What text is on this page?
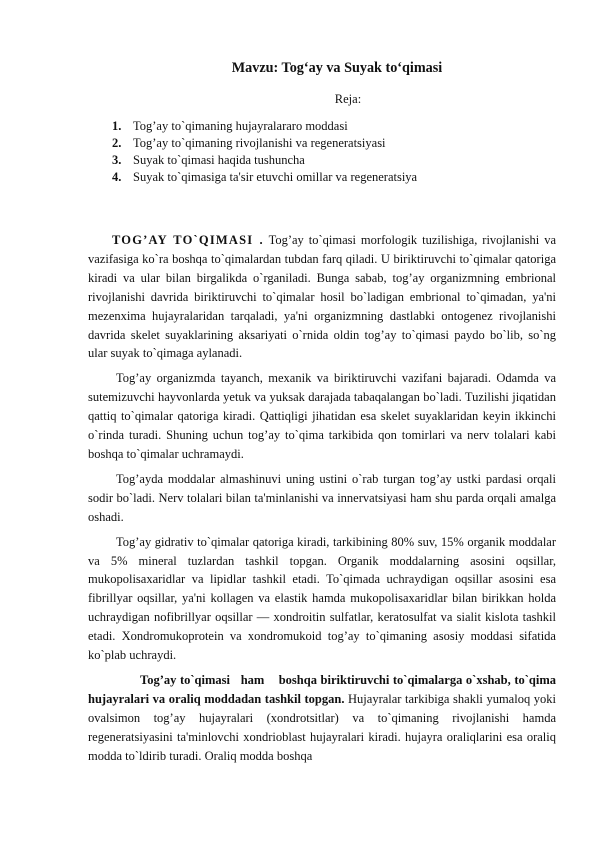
Mavzu: Tog‘ay va Suyak to‘qimasi
Reja:
1. Tog’ay to`qimaning hujayralararo moddasi
2. Tog’ay to`qimaning rivojlanishi va regeneratsiyasi
3. Suyak to`qimasi haqida tushuncha
4. Suyak to`qimasiga ta'sir etuvchi omillar va regeneratsiya

TOG’AY TO`QIMASI . Tog’ay to`qimasi morfologik tuzilishiga, rivojlanishi va vazifasiga ko`ra boshqa to`qimalardan tubdan farq qiladi. U biriktiruvchi to`qimalar qatoriga kiradi va ular bilan birgalikda o`rganiladi. Bunga sabab, tog’ay organizmning embrional rivojlanishi davrida biriktiruvchi to`qimalar hosil bo`ladigan embrional to`qimadan, ya'ni mezenxima hujayralaridan tarqaladi, ya'ni organizmning dastlabki ontogenez rivojlanishi davrida skelet suyaklarining aksariyati o`rnida oldin tog’ay to`qimasi paydo bo`lib, so`ng ular suyak to`qimaga aylanadi.

Tog’ay organizmda tayanch, mexanik va biriktiruvchi vazifani bajaradi. Odamda va sutemizuvchi hayvonlarda yetuk va yuksak darajada tabaqalangan bo`ladi. Tuzilishi jiqatidan qattiq to`qimalar qatoriga kiradi. Qattiqligi jihatidan esa skelet suyaklaridan keyin ikkinchi o`rinda turadi. Shuning uchun tog’ay to`qima tarkibida qon tomirlari va nerv tolalari kabi boshqa to`qimalar uchramaydi.

Tog’ayda moddalar almashinuvi uning ustini o`rab turgan tog’ay ustki pardasi orqali sodir bo`ladi. Nerv tolalari bilan ta'minlanishi va innervatsiyasi ham shu parda orqali amalga oshadi.

Tog’ay gidrativ to`qimalar qatoriga kiradi, tarkibining 80% suv, 15% organik moddalar va 5% mineral tuzlardan tashkil topgan. Organik moddalarning asosini oqsillar, mukopolisaxaridlar va lipidlar tashkil etadi. To`qimada uchraydigan oqsillar asosini esa fibrillyar oqsillar, ya'ni kollagen va elastik hamda mukopolisaxaridlar bilan birikkan holda uchraydigan nofibrillyar oqsillar — xondroitin sulfatlar, keratosulfat va sialit kislota tashkil etadi. Xondromukoprotein va xondromukoid tog’ay to`qimaning asosiy moddasi sifatida ko`plab uchraydi.

Tog’ay to`qimasi   ham    boshqa biriktiruvchi to`qimalarga o`xshab, to`qima hujayralari va oraliq moddadan tashkil topgan. Hujayralar tarkibiga shakli yumaloq yoki ovalsimon tog’ay hujayralari (xondrotsitlar) va to`qimaning rivojlanishi hamda regeneratsiyasini ta'minlovchi xondrioblast hujayralari kiradi. hujayra oraliqlarini esa oraliq modda to`ldirib turadi. Oraliq modda boshqa
